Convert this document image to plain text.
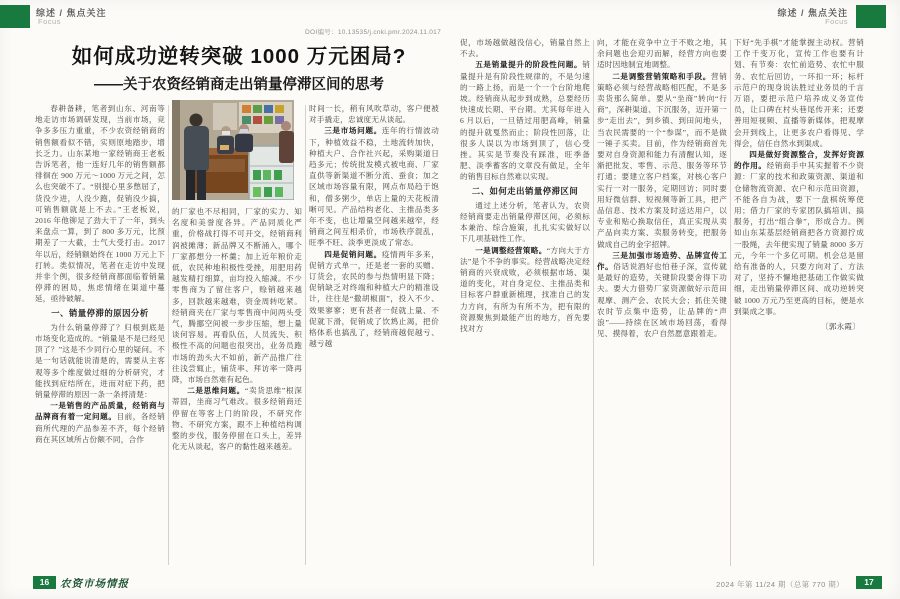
综述 / 焦点关注
Focus
综述 / 焦点关注
Focus
DOI编号：10.13535/j.cnki.pmr.2024.11.017
如何成功逆转突破 1000 万元困局?
——关于农资经销商走出销量停滞区间的思考

春耕备耕，笔者到山东、河南等地走访市场调研发现，当前市场，竞争多多压力重重，不少农资经销商的销售额看似不错，实则原地踏步，增长乏力。山东某地一家经销商王老板告诉笔者，他一连好几年的销售额都徘徊在 900 万元～1000 万元之间，怎么也突破不了。“别提心里多憋屈了，货没少进，人没少跑，促销没少搞，可销售额就是上不去。”王老板说，2016 年他铆足了劲大干了一年，到头来盘点一算，到了 800 多万元，比预期差了一大截，士气大受打击。2017 年以后，经销额始终在 1000 万元上下打转。类似情况，笔者在走访中发现并非个例，很多经销商都面临着销量停滞的困局，焦虑情绪在渠道中蔓延，亟待破解。

一、销量停滞的原因分析

为什么销量停滞了？归根到底是市场变化造成的。“销量是不是已经见顶了？”这是不少同行心里的疑问。不是一句话就能说清楚的，需要从主客观等多个维度做过细的分析研究，才能找到症结所在，进而对症下药，把销量停滞的原因一条一条捋清楚：

一是销售的产品质量，经销商与品牌商有着一定问题。目前，各经销商所代理的产品参差不齐，每个经销商在其区域所占份额不同，合作

的厂家也不尽相同，厂家的实力、知名度和美誉度各异。产品同质化严重，价格战打得不可开交，经销商利润被摊薄；新品牌又不断涌入，哪个厂家都想分一杯羹；加上近年粮价走低，农民种地积极性受挫，用肥用药越发精打细算，亩均投入缩减。不少零售商为了留住客户，赊销越来越多，回款越来越难，资金周转吃紧。经销商夹在厂家与零售商中间两头受气，腾挪空间被一步步压缩，想上量谈何容易。再看队伍，人员流失、积极性不高的问题也很突出，业务员跑市场的劲头大不如前，新产品推广往往浅尝辄止，铺货率、拜访率一降再降，市场自然难有起色。

二是思维问题。“卖货思维”根深蒂固，坐商习气难改。很多经销商还停留在等客上门的阶段，不研究作物、不研究方案，跟不上种植结构调整的步伐，服务停留在口头上，差异化无从谈起，客户的黏性越来越差。

时间一长，稍有风吹草动，客户便被对手撬走，忠诚度无从谈起。

三是市场问题。连年的行情波动下，种植效益不稳，土地流转加快，种植大户、合作社兴起，采购渠道日趋多元；传统批发模式被电商、厂家直供等新渠道不断分流、蚕食；加之区域市场容量有限，网点布局趋于饱和，僧多粥少，单店上量的天花板清晰可见。产品结构老化、主推品类多年不变，也让增量空间越来越窄，经销商之间互相杀价，市场秩序混乱，旺季不旺、淡季更淡成了常态。

四是促销问题。疫情两年多来，促销方式单一，还是老一套的买赠、订货会，农民的参与热情明显下降；促销缺乏对终端和种植大户的精准设计，往往是“撒胡椒面”，投入不少、效果寥寥；更有甚者一促就上量、不促就下滑，促销成了饮鸩止渴，把价格体系也搞乱了，经销商越促越亏、越亏越

促，市场越做越没信心，销量自然上不去。

五是销量提升的阶段性问题。销量提升是有阶段性规律的，不是匀速的一路上扬，而是一个一个台阶地爬坡。经销商从起步到成熟，总要经历快速成长期、平台期。尤其每年进入 6 月以后，一旦错过用肥高峰，销量的提升就戛然而止；阶段性回落，让很多人误以为市场到顶了，信心受挫。其实是节奏没有踩准，旺季备肥、淡季蓄客的文章没有做足，全年的销售目标自然难以实现。

二、如何走出销量停滞区间

通过上述分析，笔者认为，农资经销商要走出销量停滞区间，必须标本兼治、综合施策，扎扎实实做好以下几项基础性工作。

一是调整经营策略。“方向大于方法”是个不争的事实。经营战略决定经销商的兴衰成败，必须根据市场、渠道的变化，对自身定位、主推品类和目标客户群重新梳理，找准自己的发力方向，有所为有所不为，把有限的资源聚焦到最能产出的地方，首先要找对方

向，才能在竞争中立于不败之地，其余问题也会迎刃而解，经营方向也要适时因地制宜地调整。

二是调整营销策略和手段。营销策略必须与经营战略相匹配，不是多卖货那么简单。要从“坐商”转向“行商”，深耕渠道、下沉服务，迈开第一步“走出去”，到乡镇、到田间地头，当农民需要的一个“参谋”，而不是做一锤子买卖。目前，作为经销商首先要对自身资源和能力有清醒认知，逐渐把批发、零售、示范、服务等环节打通；要建立客户档案，对核心客户实行一对一服务，定期回访；同时要用好微信群、短视频等新工具，把产品信息、技术方案及时送达用户，以专业和贴心换取信任，真正实现从卖产品向卖方案、卖服务转变，把服务做成自己的金字招牌。

三是加强市场造势、品牌宣传工作。俗话说酒好也怕巷子深，宣传就是最好的造势，关键阶段要舍得下功夫。要大力借势厂家资源做好示范田观摩、测产会、农民大会；抓住关键农时节点集中造势，让品牌的“声浪”——持续在区域市场回荡，看得见、摸得着，农户自然愿意跟着走。

下好“先手棋”才能掌握主动权。营销工作千变万化，宣传工作也要有计划、有节奏：农忙前造势、农忙中服务、农忙后回访，一环扣一环；标杆示范户的现身说法胜过业务员的千言万语，要把示范户培养成义务宣传员，让口碑在村头巷尾传开来；还要善用短视频、直播等新媒体，把观摩会开到线上，让更多农户看得见、学得会，信任自然水到渠成。

四是做好资源整合，发挥好资源的作用。经销商手中其实握着不少资源：厂家的技术和政策资源、渠道和仓储物流资源、农户和示范田资源，不能各自为战，要下一盘棋统筹使用；借力厂家的专家团队搞培训、搞服务，打出“组合拳”，形成合力。例如山东某基层经销商把各方资源拧成一股绳，去年便实现了销量 8000 多万元，今年一个多亿可期。机会总是留给有准备的人，只要方向对了、方法对了，坚持不懈地把基础工作做实做细，走出销量停滞区间、成功逆转突破 1000 万元乃至更高的目标，便是水到渠成之事。

〔郭永霞〕

16	农资市场情报	2024 年第 11/24 期（总第 770 期）	17
